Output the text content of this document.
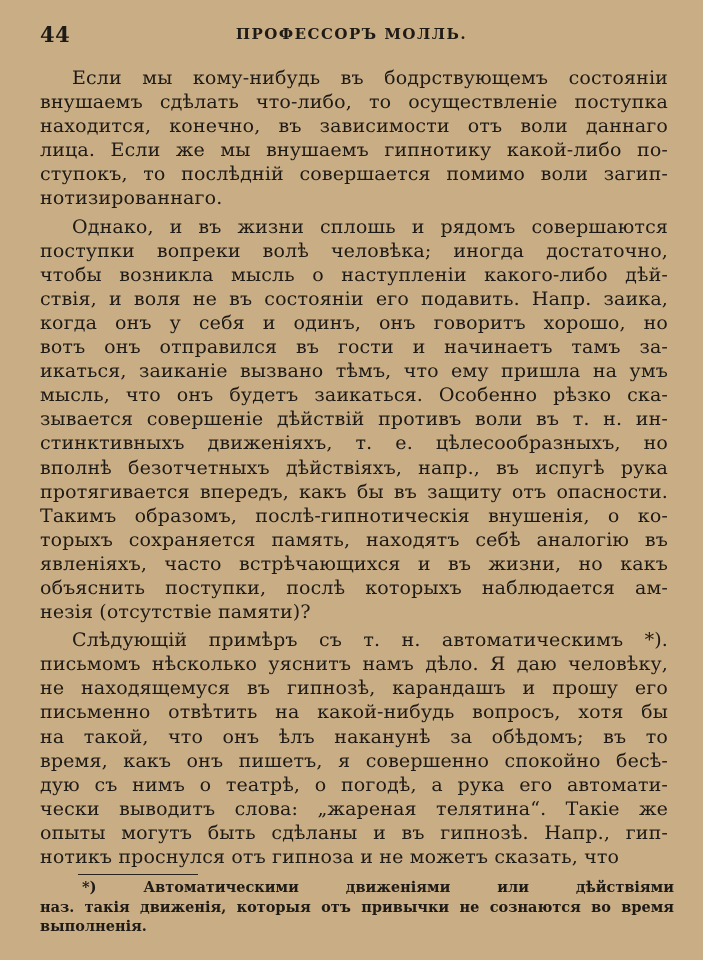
44	ПРОФЕССОРЪ МОЛЛЬ.
Если мы кому-нибудь въ бодрствующемъ состояніи
внушаемъ сдѣлать что-либо, то осуществленіе поступка
находится, конечно, въ зависимости отъ воли даннаго
лица. Если же мы внушаемъ гипнотику какой-либо по-
ступокъ, то послѣдній совершается помимо воли загип-
нотизированнаго.
Однако, и въ жизни сплошь и рядомъ совершаются
поступки вопреки волѣ человѣка; иногда достаточно,
чтобы возникла мысль о наступленіи какого-либо дѣй-
ствія, и воля не въ состояніи его подавить. Напр. заика,
когда онъ у себя и одинъ, онъ говоритъ хорошо, но
вотъ онъ отправился въ гости и начинаетъ тамъ за-
икаться, заиканіе вызвано тѣмъ, что ему пришла на умъ
мысль, что онъ будетъ заикаться. Особенно рѣзко ска-
зывается совершеніе дѣйствій противъ воли въ т. н. ин-
стинктивныхъ движеніяхъ, т. е. цѣлесообразныхъ, но
вполнѣ безотчетныхъ дѣйствіяхъ, напр., въ испугѣ рука
протягивается впередъ, какъ бы въ защиту отъ опасности.
Такимъ образомъ, послѣ-гипнотическія внушенія, о ко-
торыхъ сохраняется память, находятъ себѣ аналогію въ
явленіяхъ, часто встрѣчающихся и въ жизни, но какъ
объяснить поступки, послѣ которыхъ наблюдается ам-
незія (отсутствіе памяти)?
Слѣдующій примѣръ съ т. н. автоматическимъ *).
письмомъ нѣсколько уяснитъ намъ дѣло. Я даю человѣку,
не находящемуся въ гипнозѣ, карандашъ и прошу его
письменно отвѣтить на какой-нибудь вопросъ, хотя бы
на такой, что онъ ѣлъ наканунѣ за обѣдомъ; въ то
время, какъ онъ пишетъ, я совершенно спокойно бесѣ-
дую съ нимъ о театрѣ, о погодѣ, а рука его автомати-
чески выводитъ слова: „жареная телятина“. Такіе же
опыты могутъ быть сдѣланы и въ гипнозѣ. Напр., гип-
нотикъ проснулся отъ гипноза и не можетъ сказать, что
*) Автоматическими движеніями или дѣйствіями
наз. такія движенія, которыя отъ привычки не сознаются во время
выполненія.
